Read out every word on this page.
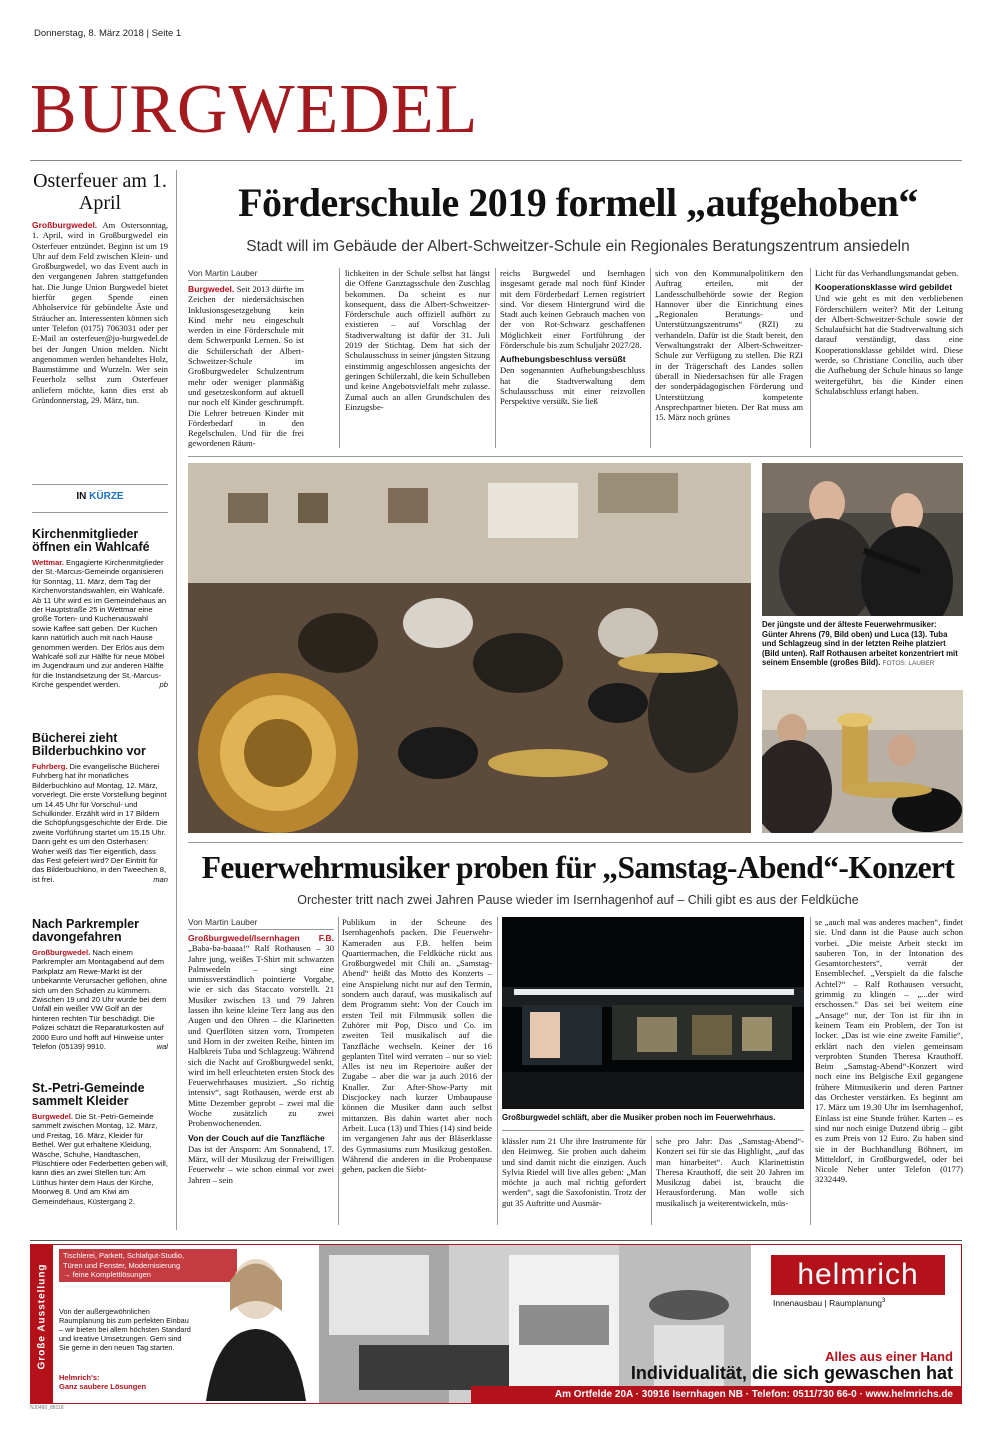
Donnerstag, 8. März 2018 | Seite 1
BURGWEDEL
Osterfeuer am 1. April
Großburgwedel. Am Ostersonntag, 1. April, wird in Großburgwedel ein Osterfeuer entzündet. Beginn ist um 19 Uhr auf dem Feld zwischen Klein- und Großburgwedel, wo das Event auch in den vergangenen Jahren stattgefunden hat. Die Junge Union Burgwedel bietet hierfür gegen Spende einen Abholservice für gebündelte Äste und Sträucher an. Interessenten können sich unter Telefon (0175) 7063031 oder per E-Mail an osterfeuer@ju-burgwedel.de bei der Jungen Union melden. Nicht angenommen werden behandeltes Holz, Baumstämme und Wurzeln. Wer sein Feuerholz selbst zum Osterfeuer anliefern möchte, kann dies erst ab Gründonnerstag, 29. März, tun.
IN KÜRZE
Kirchenmitglieder öffnen ein Wahlcafé
Wettmar. Engagierte Kirchenmitglieder der St.-Marcus-Gemeinde organisieren für Sonntag, 11. März, dem Tag der Kirchenvorstandswahlen, ein Wahlcafé. Ab 11 Uhr wird es im Gemeindehaus an der Hauptstraße 25 in Wettmar eine große Torten- und Kuchenauswahl sowie Kaffee satt geben. Der Kuchen kann natürlich auch mit nach Hause genommen werden. Der Erlös aus dem Wahlcafé soll zur Hälfte für neue Möbel im Jugendraum und zur anderen Hälfte für die Instandsetzung der St.-Marcus-Kirche gespendet werden.	pb
Bücherei zieht Bilderbuchkino vor
Fuhrberg. Die evangelische Bücherei Fuhrberg hat ihr monatliches Bilderbuchkino auf Montag, 12. März, vorverlegt. Die erste Vorstellung beginnt um 14.45 Uhr für Vorschul- und Schulkinder. Erzählt wird in 17 Bildern die Schöpfungsgeschichte der Erde. Die zweite Vorführung startet um 15.15 Uhr. Dann geht es um den Osterhasen: Woher weiß das Tier eigentlich, dass das Fest gefeiert wird? Der Eintritt für das Bilderbuchkino, in den Tweechen 8, ist frei.	man
Nach Parkrempler davongefahren
Großburgwedel. Nach einem Parkrempler am Montagabend auf dem Parkplatz am Rewe-Markt ist der unbekannte Verursacher geflohen, ohne sich um den Schaden zu kümmern. Zwischen 19 und 20 Uhr wurde bei dem Unfall ein weißer VW Golf an der hinteren rechten Tür beschädigt. Die Polizei schätzt die Reparaturkosten auf 2000 Euro und hofft auf Hinweise unter Telefon (05139) 9910.	wal
St.-Petri-Gemeinde sammelt Kleider
Burgwedel. Die St.-Petri-Gemeinde sammelt zwischen Montag, 12. März, und Freitag, 16. März, Kleider für Bethel. Wer gut erhaltene Kleidung, Wäsche, Schuhe, Handtaschen, Plüschtiere oder Federbetten geben will, kann dies an zwei Stellen tun: Am Lütthus hinter dem Haus der Kirche, Moorweg 8. Und am Kiwi am Gemeindehaus, Küstergang 2.
Förderschule 2019 formell „aufgehoben“
Stadt will im Gebäude der Albert-Schweitzer-Schule ein Regionales Beratungszentrum ansiedeln
Von Martin Lauber
Burgwedel. Seit 2013 dürfte im Zeichen der niedersächsischen Inklusionsgesetzgebung kein Kind mehr neu eingeschult werden in eine Förderschule mit dem Schwerpunkt Lernen. So ist die Schülerschaft der Albert-Schweitzer-Schule im Großburgwedeler Schulzentrum mehr oder weniger planmäßig und gesetzeskonform auf aktuell nur noch elf Kinder geschrumpft. Die Lehrer betreuen Kinder mit Förderbedarf in den Regelschulen. Und für die frei gewordenen Räum-
lichkeiten in der Schule selbst hat längst die Offene Ganztagsschule den Zuschlag bekommen. Da scheint es nur konsequent, dass die Albert-Schweitzer-Förderschule auch offiziell aufhört zu existieren – auf Vorschlag der Stadtverwaltung ist dafür der 31. Juli 2019 der Stichtag. Dem hat sich der Schulausschuss in seiner jüngsten Sitzung einstimmig angeschlossen angesichts der geringen Schülerzahl, die kein Schulleben und keine Angebotsvielfalt mehr zulasse. Zumal auch an allen Grundschulen des Einzugsbe-
reichs Burgwedel und Isernhagen insgesamt gerade mal noch fünf Kinder mit dem Förderbedarf Lernen registriert sind. Vor diesem Hintergrund wird die Stadt auch keinen Gebrauch machen von der von Rot-Schwarz geschaffenen Möglichkeit einer Fortführung der Förderschule bis zum Schuljahr 2027/28.
Aufhebungsbeschluss versüßt
Den sogenannten Aufhebungsbeschluss hat die Stadtverwaltung dem Schulausschuss mit einer reizvollen Perspektive versüßt. Sie ließ
sich von den Kommunalpolitikern den Auftrag erteilen, mit der Landesschulbehörde sowie der Region Hannover über die Einrichtung eines „Regionalen Beratungs- und Unterstützungszentrums“ (RZI) zu verhandeln. Dafür ist die Stadt bereit, den Verwaltungstrakt der Albert-Schweitzer-Schule zur Verfügung zu stellen. Die RZI in der Trägerschaft des Landes sollen überall in Niedersachsen für alle Fragen der sonderpädagogischen Förderung und Unterstützung kompetente Ansprechpartner bieten. Der Rat muss am 15. März noch grünes
Licht für das Verhandlungsmandat geben.
Kooperationsklasse wird gebildet
Und wie geht es mit den verbliebenen Förderschülern weiter? Mit der Leitung der Albert-Schweitzer-Schule sowie der Schulaufsicht hat die Stadtverwaltung sich darauf verständigt, dass eine Kooperationsklasse gebildet wird. Diese werde, so Christiane Concilio, auch über die Aufhebung der Schule hinaus so lange weitergeführt, bis die Kinder einen Schulabschluss erlangt haben.
Der jüngste und der älteste Feuerwehrmusiker: Günter Ahrens (79, Bild oben) und Luca (13). Tuba und Schlagzeug sind in der letzten Reihe platziert (Bild unten). Ralf Rothausen arbeitet konzentriert mit seinem Ensemble (großes Bild). FOTOS: LAUBER
Feuerwehrmusiker proben für „Samstag-Abend“-Konzert
Orchester tritt nach zwei Jahren Pause wieder im Isernhagenhof auf – Chili gibt es aus der Feldküche
Von Martin Lauber
Großburgwedel/Isernhagen F.B. „Baba-ba-baaaa!“ Ralf Rothausen – 30 Jahre jung, weißes T-Shirt mit schwarzen Palmwedeln – singt eine unmissverständlich pointierte Vorgabe, wie er sich das Staccato vorstellt. 21 Musiker zwischen 13 und 79 Jahren lassen ihn keine kleine Terz lang aus den Augen und den Ohren – die Klarinetten und Querflöten sitzen vorn, Trompeten und Horn in der zweiten Reihe, hinten im Halbkreis Tuba und Schlagzeug. Während sich die Nacht auf Großburgwedel senkt, wird im hell erleuchteten ersten Stock des Feuerwehrhauses musiziert. „So richtig intensiv“, sagt Rothausen, werde erst ab Mitte Dezember geprobt – zwei mal die Woche zusätzlich zu zwei Probenwochenenden.
Von der Couch auf die Tanzfläche
Das ist der Ansporn: Am Sonnabend, 17. März, will der Musikzug der Freiwilligen Feuerwehr – wie schon einmal vor zwei Jahren – sein
Publikum in der Scheune des Isernhagenhofs packen. Die Feuerwehr-Kameraden aus F.B. helfen beim Quartiermachen, die Feldküche rückt aus Großburgwedel mit Chili an. „Samstag-Abend“ heißt das Motto des Konzerts – eine Anspielung nicht nur auf den Termin, sondern auch darauf, was musikalisch auf dem Programm steht: Von der Couch im ersten Teil mit Filmmusik sollen die Zuhörer mit Pop, Disco und Co. im zweiten Teil musikalisch auf die Tanzfläche wechseln. Keiner der 16 geplanten Titel wird verraten – nur so viel: Alles ist neu im Repertoire außer der Zugabe – aber die war ja auch 2016 der Knaller. Zur After-Show-Party mit Discjockey nach kurzer Umbaupause können die Musiker dann auch selbst mittanzen. Bis dahin wartet aber noch Arbeit. Luca (13) und Thies (14) sind beide im vergangenen Jahr aus der Bläserklasse des Gymnasiums zum Musikzug gestoßen. Während die anderen in die Probenpause gehen, packen die Siebt-
Großburgwedel schläft, aber die Musiker proben noch im Feuerwehrhaus.
klässler rum 21 Uhr ihre Instrumente für den Heimweg. Sie proben auch daheim und sind damit nicht die einzigen. Auch Sylvia Riedel will live alles geben: „Man möchte ja auch mal richtig gefordert werden“, sagt die Saxofonistin. Trotz der gut 35 Auftritte und Ausmär-
sche pro Jahr: Das „Samstag-Abend“-Konzert sei für sie das Highlight, „auf das man hinarbeitet“. Auch Klarinettistin Theresa Krauthoff, die seit 20 Jahren im Musikzug dabei ist, braucht die Herausforderung. Man wolle sich musikalisch ja weiterentwickeln, müs-
se „auch mal was anderes machen“, findet sie. Und dann ist die Pause auch schon vorbei. „Die meiste Arbeit steckt im sauberen Ton, in der Intonation des Gesamtorchesters“, verrät der Ensemblechef. „Verspielt da die falsche Achtel?“ – Ralf Rothausen versucht, grimmig zu klingen – „...der wird erschossen.“ Das sei bei weitem eine „Ansage“ nur, der Ton ist für ihn in keinem Team ein Problem, der Ton ist locker. „Das ist wie eine zweite Familie“, erklärt nach den vielen gemeinsam verprobten Stunden Theresa Krauthoff. Beim „Samstag-Abend“-Konzert wird noch eine ins Belgische Exil gegangene frühere Mitmusikerin und deren Partner das Orchester verstärken. Es beginnt am 17. März um 19.30 Uhr im Isernhagenhof, Einlass ist eine Stunde früher. Karten – es sind nur noch einige Dutzend übrig – gibt es zum Preis von 12 Euro. Zu haben sind sie in der Buchhandlung Böhnert, im Mitteldorf, in Großburgwedel, oder bei Nicole Neber unter Telefon (0177) 3232449.
Große Ausstellung
Tischlerei, Parkett, Schlafgut-Studio,
Türen und Fenster, Modernisierung
→ feine Komplettlösungen
Von der außergewöhnlichen Raumplanung bis zum perfekten Einbau – wir bieten bei allem höchsten Standard und kreative Umsetzungen. Gern sind Sie gerne in den neuen Tag starten.
Helmrich's:
Ganz saubere Lösungen
helmrich
Innenausbau | Raumplanung$^3$
Alles aus einer Hand
Individualität, die sich gewaschen hat
Am Ortfelde 20A · 30916 Isernhagen NB · Telefon: 0511/730 66-0 · www.helmrichs.de
NJ0480_88118
